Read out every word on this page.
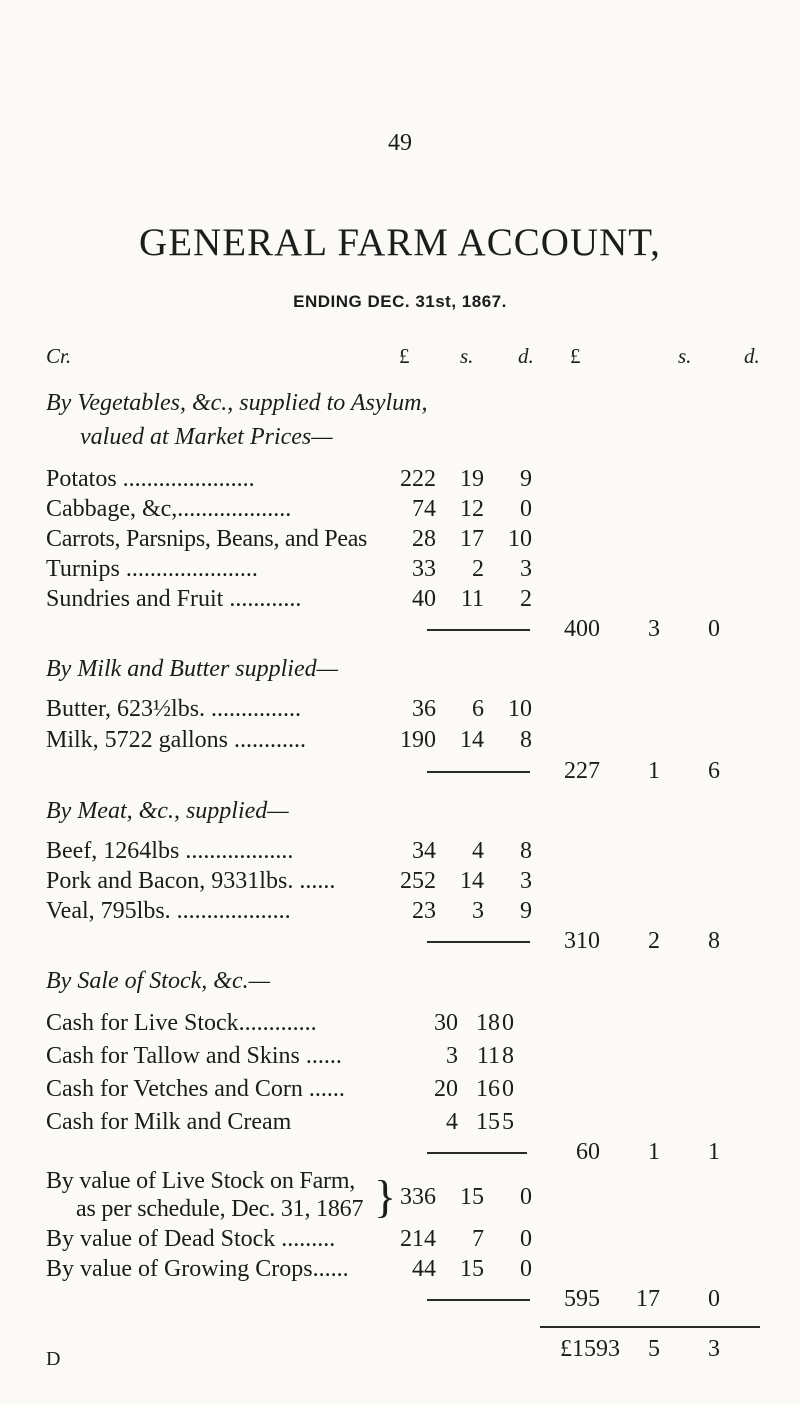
49
GENERAL FARM ACCOUNT,
ENDING DEC. 31st, 1867.
Cr.	£ s. d. £	s.	d.
By Vegetables, &c., supplied to Asylum,
valued at Market Prices—
Potatos ......................	222	19	9
Cabbage, &c,...................	74	12	0
Carrots, Parsnips, Beans, and Peas	28	17	10
Turnips ......................	33	2	3
Sundries and Fruit ............	40	11	2
400	3	0
By Milk and Butter supplied—
Butter, 623½lbs. ...............	36	6	10
Milk, 5722 gallons ............	190	14	8
227	1	6
By Meat, &c., supplied—
Beef, 1264lbs ..................	34	4	8
Pork and Bacon, 9331lbs. ......	252	14	3
Veal, 795lbs. ...................	23	3	9
310	2	8
By Sale of Stock, &c.—
Cash for Live Stock.............	30 18 0
Cash for Tallow and Skins ......	3 11 8
Cash for Vetches and Corn ......	20 16 0
Cash for Milk and Cream	4 15 5
60	1	1
By value of Live Stock on Farm,
as per schedule, Dec. 31, 1867 } 336	15	0
By value of Dead Stock .........	214	7	0
By value of Growing Crops......	44	15	0
595	17	0
£1593	5	3
D
